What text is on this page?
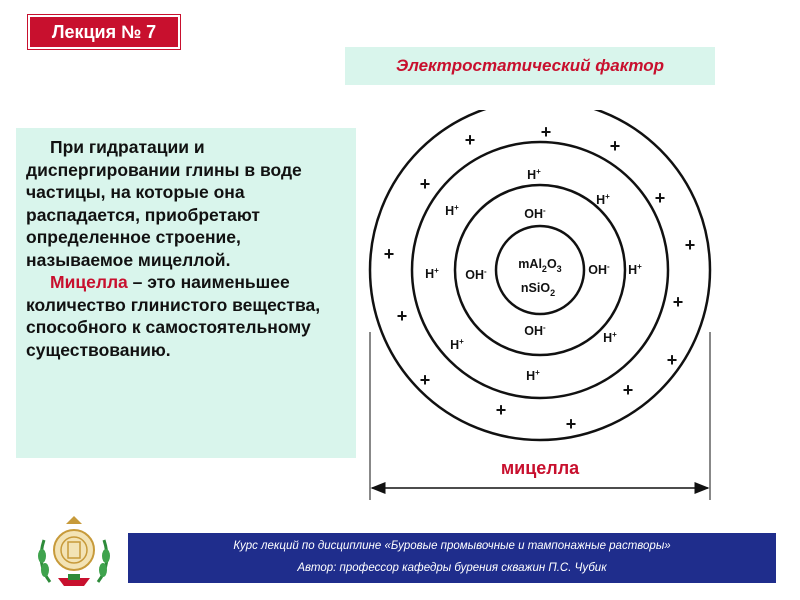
Лекция № 7
Электростатический фактор

При гидратации и диспергировании глины в воде частицы, на которые она распадается, приобретают определенное строение, называемое мицеллой.

Мицелла – это наименьшее количество глинистого вещества, способного к самостоятельному существованию.

$mAl_2O_3$
nSiO$_2$
OH-
OH-	OH-
OH-
H+
H+
H+
H+	H+
H+	H+
H+
+
+	+
+
+
+	+
+
+
+
+
+
+
+
мицелла
Курс лекций по дисциплине «Буровые промывочные и тампонажные растворы»
Автор: профессор кафедры бурения скважин П.С. Чубик
